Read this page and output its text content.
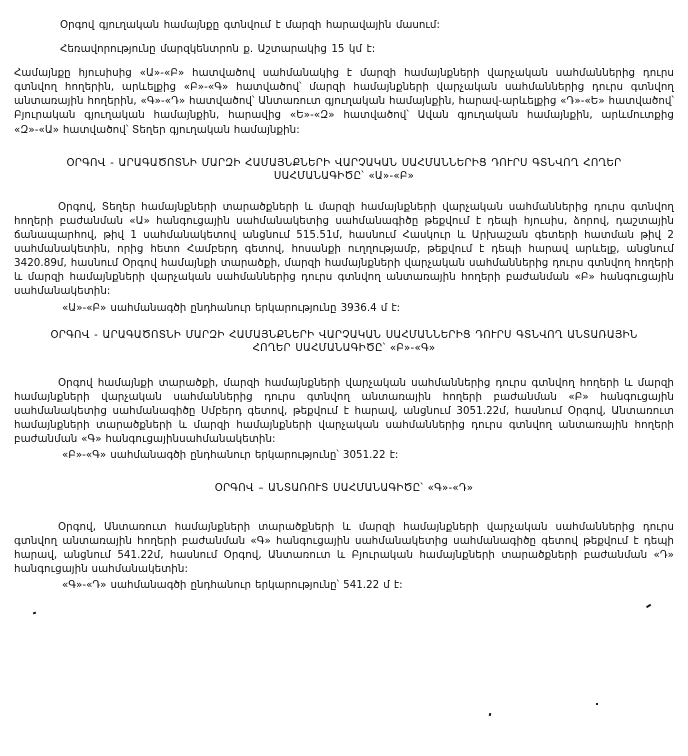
Օրգով գյուղական համայնքը գտնվում է մարզի հարավային մասում:

Հեռավորությունը մարզկենտրոն ք. Աշտարակից 15 կմ է:

Համայնքը հյուսիսից «Ա»-«Բ» հատվածով սահմանակից է մարզի համայնքների վարչական սահմաններից դուրս գտնվող հողերին, արևելքից «Բ»-«Գ» հատվածով՝ մարզի համայնքների վարչական սահմաններից դուրս գտնվող անտառային հողերին, «Գ»-«Դ» հատվածով՝ Անտառուտ գյուղական համայնքին, հարավ-արևելքից «Դ»-«Ե» հատվածով՝ Բյուրական գյուղական համայնքին, հարավից «Ե»-«Զ» հատվածով՝ Ավան գյուղական համայնքին, արևմուտքից «Զ»-«Ա» հատվածով՝ Տեղեր գյուղական համայնքին:

ՕՐԳՈՎ - ԱՐԱԳԱԾՈՏՆԻ ՄԱՐԶԻ ՀԱՄԱՅՆՔՆԵՐԻ ՎԱՐՉԱԿԱՆ ՍԱՀՄԱՆՆԵՐԻՑ ԴՈՒՐՍ ԳՏՆՎՈՂ ՀՈՂԵՐ
ՍԱՀՄԱՆԱԳԻԾԸ՝ «Ա»-«Բ»

Օրգով, Տեղեր համայնքների տարածքների և մարզի համայնքների վարչական սահմաններից դուրս գտնվող հողերի բաժանման «Ա» հանգուցային սահմանակետից սահմանագիծը թեքվում է դեպի հյուսիս, ձորով, դաշտային ճանապարհով, թիվ 1 սահմանակետով անցնում 515.51մ, հասնում Հասկուր և Արխաշան գետերի հատման թիվ 2 սահմանակետին, որից հետո Համբերդ գետով, հոսանքի ուղղությամբ, թեքվում է դեպի հարավ արևելք, անցնում 3420.89մ, հասնում Օրգով համայնքի տարածքի, մարզի համայնքների վարչական սահմաններից դուրս գտնվող հողերի և մարզի համայնքների վարչական սահմաններից դուրս գտնվող անտառային հողերի բաժանման «Բ» հանգուցային սահմանակետին:

«Ա»-«Բ» սահմանագծի ընդհանուր երկարությունը 3936.4 մ է:

ՕՐԳՈՎ - ԱՐԱԳԱԾՈՏՆԻ ՄԱՐԶԻ ՀԱՄԱՅՆՔՆԵՐԻ ՎԱՐՉԱԿԱՆ ՍԱՀՄԱՆՆԵՐԻՑ ԴՈՒՐՍ ԳՏՆՎՈՂ ԱՆՏԱՌԱՅԻՆ
ՀՈՂԵՐ ՍԱՀՄԱՆԱԳԻԾԸ՝ «Բ»-«Գ»

Օրգով համայնքի տարածքի, մարզի համայնքների վարչական սահմաններից դուրս գտնվող հողերի և մարզի համայնքների վարչական սահմաններից դուրս գտնվող անտառային հողերի բաժանման «Բ» հանգուցային սահմանակետից սահմանագիծը Սմբերդ գետով, թեքվում է հարավ, անցնում 3051.22մ, հասնում Օրգով, Անտառուտ համայնքների տարածքների և մարզի համայնքների վարչական սահմաններից դուրս գտնվող անտառային հողերի բաժանման «Գ» հանգուցայինսահմանակետին:

«Բ»-«Գ» սահմանագծի ընդհանուր երկարությունը՝ 3051.22 է:

ՕՐԳՈՎ – ԱՆՏԱՌՈՒՏ ՍԱՀՄԱՆԱԳԻԾԸ՝ «Գ»-«Դ»

Օրգով, Անտառուտ համայնքների տարածքների և մարզի համայնքների վարչական սահմաններից դուրս գտնվող անտառային հողերի բաժանման «Գ» հանգուցային սահմանակետից սահմանագիծը գետով թեքվում է դեպի հարավ, անցնում 541.22մ, հասնում Օրգով, Անտառուտ և Բյուրական համայնքների տարածքների բաժանման «Դ» հանգուցային սահմանակետին:

«Գ»-«Դ» սահմանագծի ընդհանուր երկարությունը՝ 541.22 մ է:
